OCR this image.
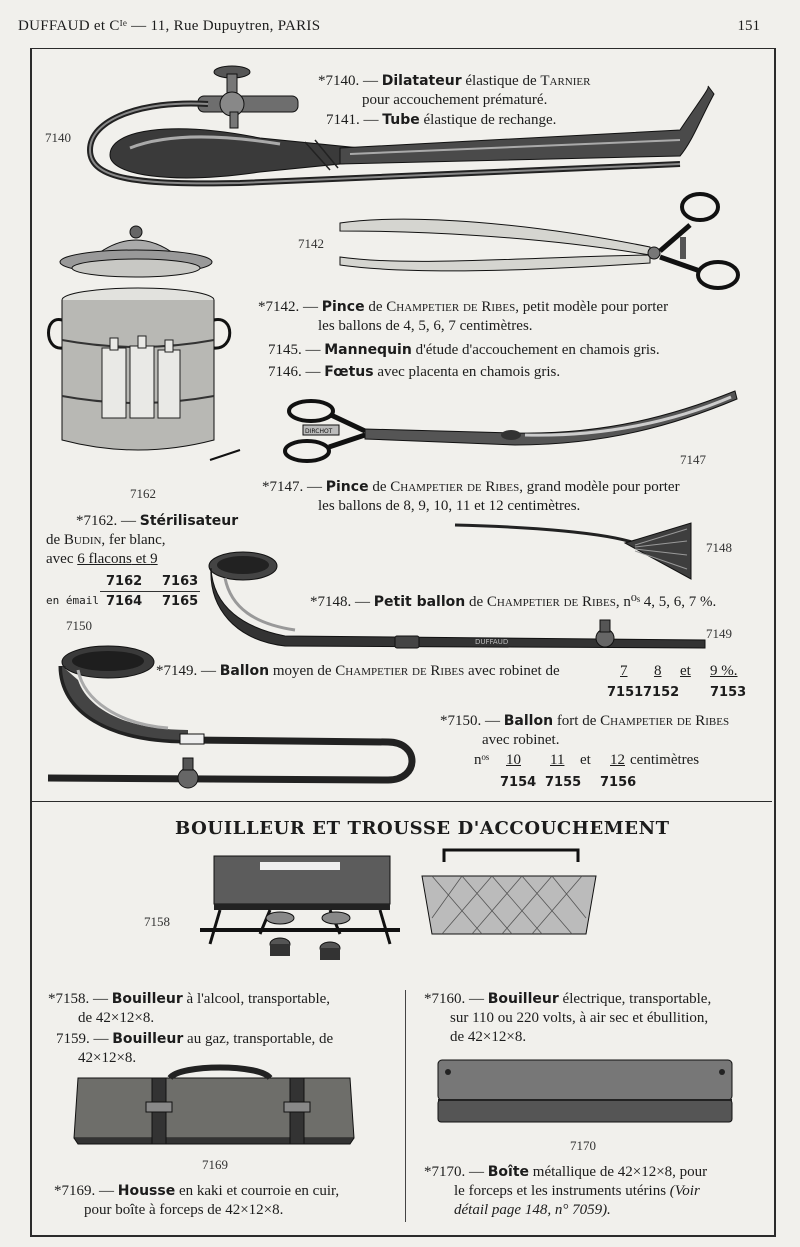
DUFFAUD et Cᴵᵉ — 11, Rue Dupuytren, PARIS	151
7140
*7140. — Dilatateur élastique de Tarnier
pour accouchement prématuré.
7141. — Tube élastique de rechange.
7142
7162
*7142. — Pince de Champetier de Ribes, petit modèle pour porter
les ballons de 4, 5, 6, 7 centimètres.
7145. — Mannequin d'étude d'accouchement en chamois gris.
7146. — Fœtus avec placenta en chamois gris.
DIRCHOT
7147
*7147. — Pince de Champetier de Ribes, grand modèle pour porter
les ballons de 8, 9, 10, 11 et 12 centimètres.
*7162. — Stérilisateur
de Budin, fer blanc,
avec 6 flacons et 9
7162 7163
en émail 7164 7165
7148
DUFFAUD
*7148. — Petit ballon de Champetier de Ribes, n⁰ˢ 4, 5, 6, 7 %.
7149
7150
*7149. — Ballon moyen de Champetier de Ribes avec robinet de	7 8 et 9 %.
7151 7152 7153
*7150. — Ballon fort de Champetier de Ribes
avec robinet.
nᵒˢ 10 11 et 12 centimètres
7154 7155 7156
BOUILLEUR ET TROUSSE D'ACCOUCHEMENT
7158
*7158. — Bouilleur à l'alcool, transportable,
de 42×12×8.
7159. — Bouilleur au gaz, transportable, de
42×12×8.
*7160. — Bouilleur électrique, transportable,
sur 110 ou 220 volts, à air sec et ébullition,
de 42×12×8.
7169
7170
*7169. — Housse en kaki et courroie en cuir,
pour boîte à forceps de 42×12×8.
*7170. — Boîte métallique de 42×12×8, pour
le forceps et les instruments utérins (Voir
détail page 148, n° 7059).
